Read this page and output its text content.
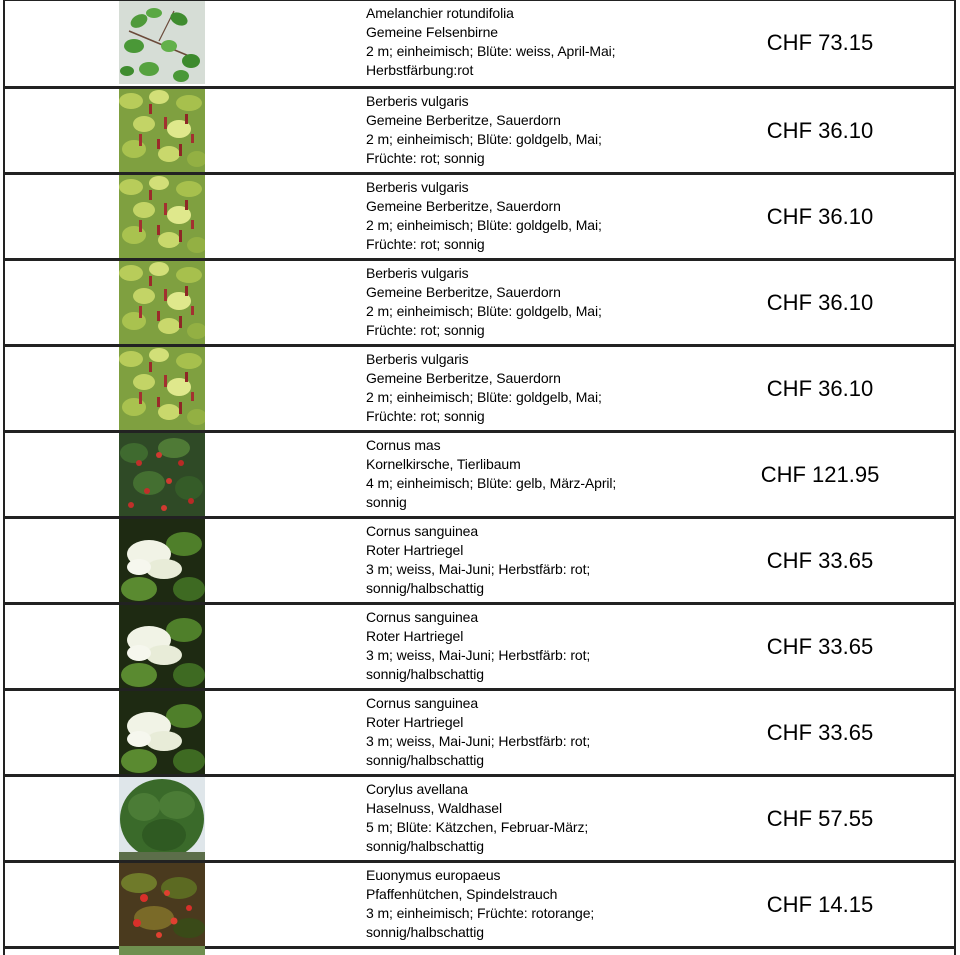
Amelanchier rotundifolia
Gemeine Felsenbirne
2 m; einheimisch; Blüte: weiss, April-Mai;
Herbstfärbung:rot
CHF 73.15
Berberis vulgaris
Gemeine Berberitze, Sauerdorn
2 m; einheimisch; Blüte: goldgelb, Mai;
Früchte: rot; sonnig
CHF 36.10
Berberis vulgaris
Gemeine Berberitze, Sauerdorn
2 m; einheimisch; Blüte: goldgelb, Mai;
Früchte: rot; sonnig
CHF 36.10
Berberis vulgaris
Gemeine Berberitze, Sauerdorn
2 m; einheimisch; Blüte: goldgelb, Mai;
Früchte: rot; sonnig
CHF 36.10
Berberis vulgaris
Gemeine Berberitze, Sauerdorn
2 m; einheimisch; Blüte: goldgelb, Mai;
Früchte: rot; sonnig
CHF 36.10
Cornus mas
Kornelkirsche, Tierlibaum
4 m; einheimisch; Blüte: gelb, März-April;
sonnig
CHF 121.95
Cornus sanguinea
Roter Hartriegel
3 m; weiss, Mai-Juni; Herbstfärb: rot;
sonnig/halbschattig
CHF 33.65
Cornus sanguinea
Roter Hartriegel
3 m; weiss, Mai-Juni; Herbstfärb: rot;
sonnig/halbschattig
CHF 33.65
Cornus sanguinea
Roter Hartriegel
3 m; weiss, Mai-Juni; Herbstfärb: rot;
sonnig/halbschattig
CHF 33.65
Corylus avellana
Haselnuss, Waldhasel
5 m; Blüte: Kätzchen, Februar-März;
sonnig/halbschattig
CHF 57.55
Euonymus europaeus
Pfaffenhütchen, Spindelstrauch
3 m; einheimisch; Früchte: rotorange;
sonnig/halbschattig
CHF 14.15
